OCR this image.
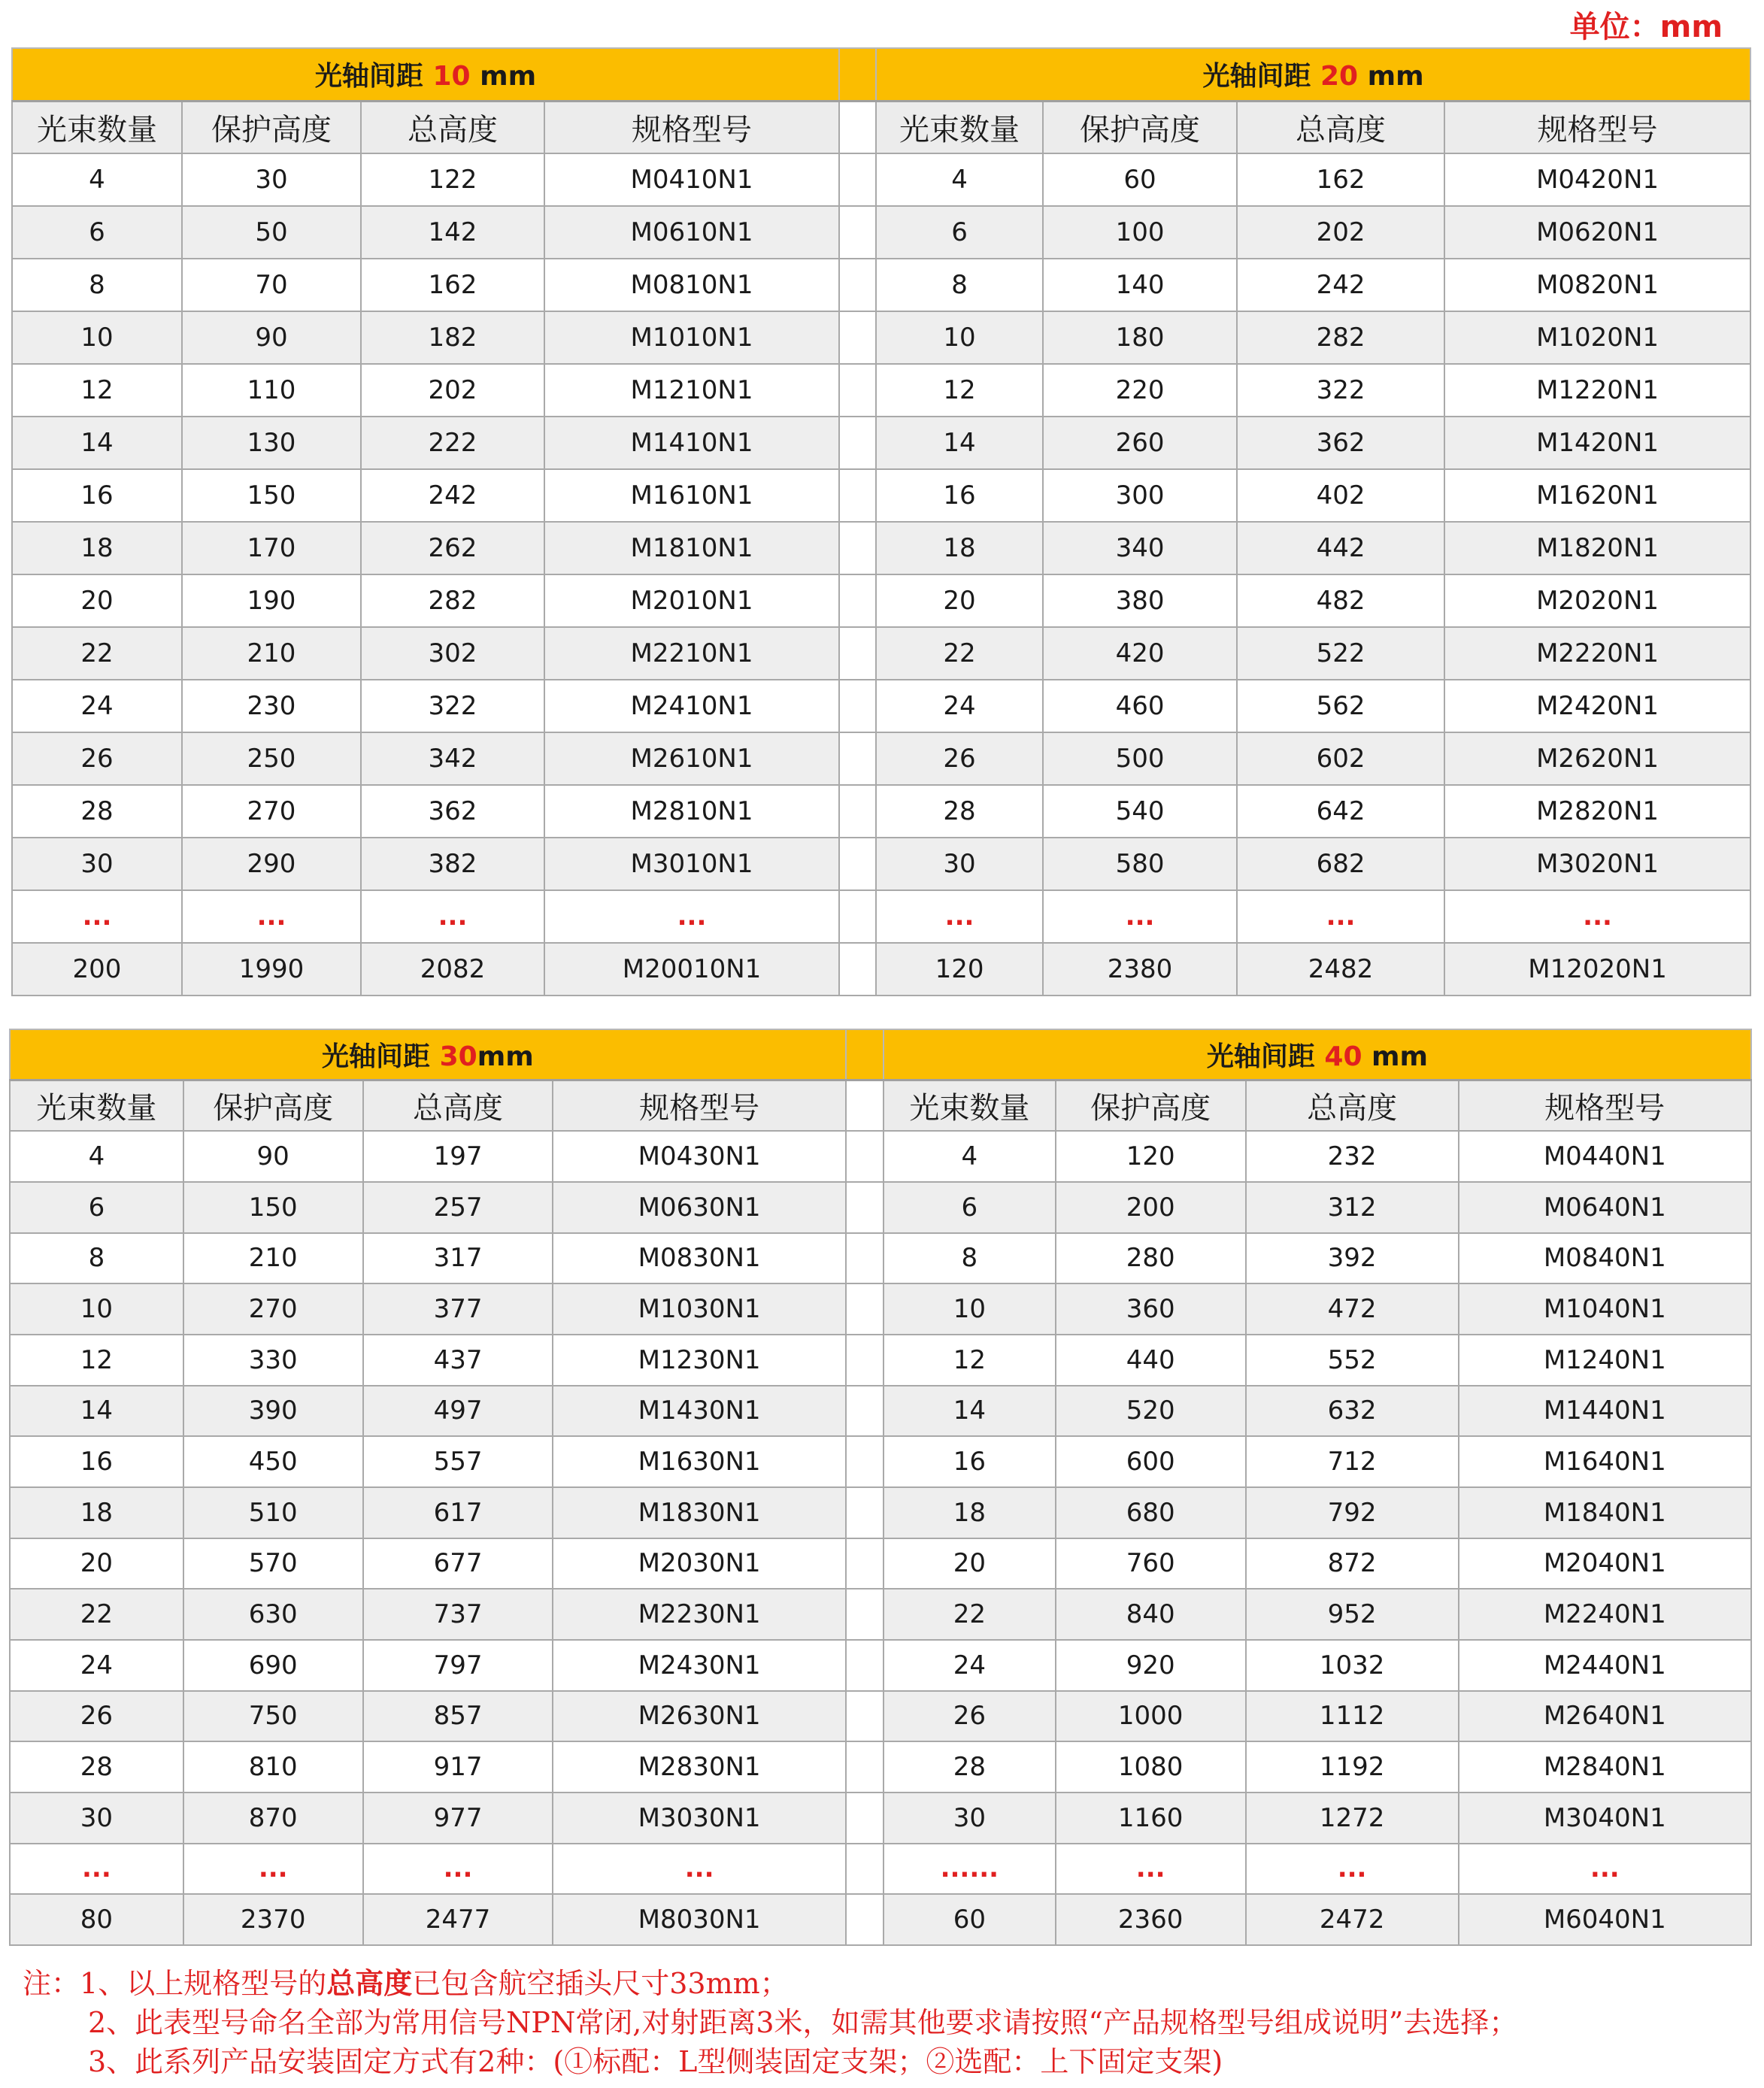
单位：mm
光轴间距 10 mm					光轴间距 20 mm			
光束数量	保护高度	总高度	规格型号		光束数量	保护高度	总高度	规格型号
4	30	122	M0410N1		4	60	162	M0420N1
6	50	142	M0610N1		6	100	202	M0620N1
8	70	162	M0810N1		8	140	242	M0820N1
10	90	182	M1010N1		10	180	282	M1020N1
12	110	202	M1210N1		12	220	322	M1220N1
14	130	222	M1410N1		14	260	362	M1420N1
16	150	242	M1610N1		16	300	402	M1620N1
18	170	262	M1810N1		18	340	442	M1820N1
20	190	282	M2010N1		20	380	482	M2020N1
22	210	302	M2210N1		22	420	522	M2220N1
24	230	322	M2410N1		24	460	562	M2420N1
26	250	342	M2610N1		26	500	602	M2620N1
28	270	362	M2810N1		28	540	642	M2820N1
30	290	382	M3010N1		30	580	682	M3020N1
...	...	...	...		...	...	...	...
200	1990	2082	M20010N1		120	2380	2482	M12020N1
光轴间距 30mm					光轴间距 40 mm			
光束数量	保护高度	总高度	规格型号		光束数量	保护高度	总高度	规格型号
4	90	197	M0430N1		4	120	232	M0440N1
6	150	257	M0630N1		6	200	312	M0640N1
8	210	317	M0830N1		8	280	392	M0840N1
10	270	377	M1030N1		10	360	472	M1040N1
12	330	437	M1230N1		12	440	552	M1240N1
14	390	497	M1430N1		14	520	632	M1440N1
16	450	557	M1630N1		16	600	712	M1640N1
18	510	617	M1830N1		18	680	792	M1840N1
20	570	677	M2030N1		20	760	872	M2040N1
22	630	737	M2230N1		22	840	952	M2240N1
24	690	797	M2430N1		24	920	1032	M2440N1
26	750	857	M2630N1		26	1000	1112	M2640N1
28	810	917	M2830N1		28	1080	1192	M2840N1
30	870	977	M3030N1		30	1160	1272	M3040N1
...	...	...	...		......	...	...	...
80	2370	2477	M8030N1		60	2360	2472	M6040N1
注：1、以上规格型号的总高度已包含航空插头尺寸33mm；
2、此表型号命名全部为常用信号NPN常闭,对射距离3米，如需其他要求请按照“产品规格型号组成说明”去选择；
3、此系列产品安装固定方式有2种：(①标配：L型侧装固定支架；②选配：上下固定支架)
